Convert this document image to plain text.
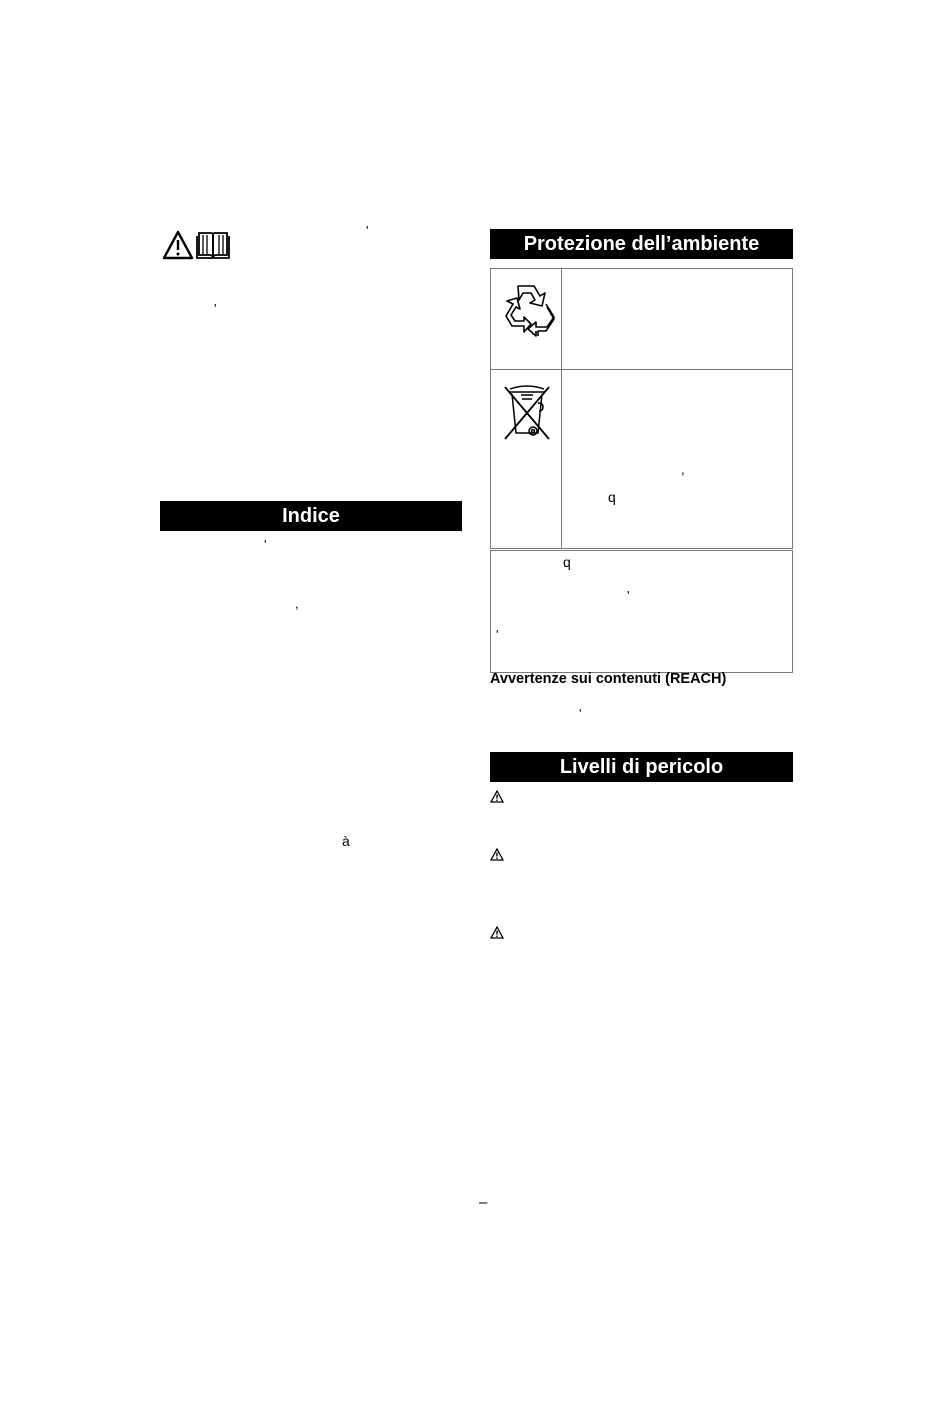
'
'
Indice
'
,
à
Protezione dell’ambiente
,
q
q
'
'
Avvertenze sui contenuti (REACH)
'
Livelli di pericolo
–
